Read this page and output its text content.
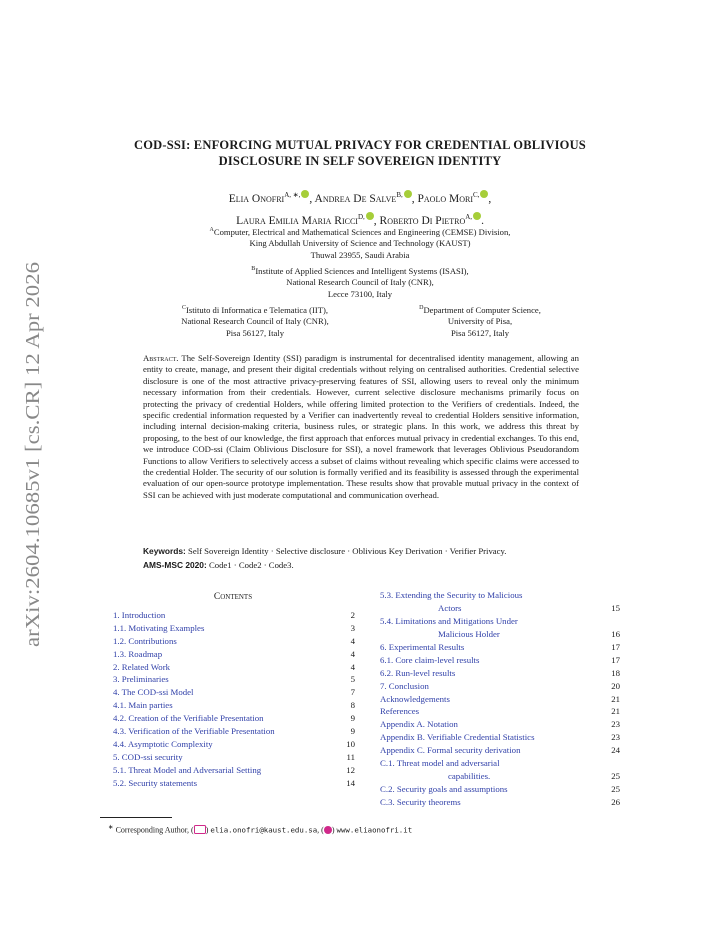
arXiv:2604.10685v1 [cs.CR] 12 Apr 2026
COD-SSI: ENFORCING MUTUAL PRIVACY FOR CREDENTIAL OBLIVIOUS
DISCLOSURE IN SELF SOVEREIGN IDENTITY
Elia Onofri$^{A, ∗,}$ , Andrea De Salve$^{B,}$ , Paolo Mori$^{C,}$ ,
Laura Emilia Maria Ricci$^{D,}$ , Roberto Di Pietro$^{A,}$ .
$^A$Computer, Electrical and Mathematical Sciences and Engineering (CEMSE) Division,
King Abdullah University of Science and Technology (KAUST)
Thuwal 23955, Saudi Arabia
$^B$Institute of Applied Sciences and Intelligent Systems (ISASI),
National Research Council of Italy (CNR),
Lecce 73100, Italy
$^C$Istituto di Informatica e Telematica (IIT),
National Research Council of Italy (CNR),
Pisa 56127, Italy
$^D$Department of Computer Science,
University of Pisa,
Pisa 56127, Italy
Abstract. The Self-Sovereign Identity (SSI) paradigm is instrumental for decentralised identity management, allowing an entity to create, manage, and present their digital credentials without relying on centralised authorities. Credential selective disclosure is one of the most attractive privacy-preserving features of SSI, allowing users to reveal only the minimum necessary information from their credentials. However, current selective disclosure mechanisms primarily focus on protecting the privacy of credential Holders, while offering limited protection to the Verifiers of credentials. Indeed, the specific credential information requested by a Verifier can inadvertently reveal to credential Holders sensitive information, including internal decision-making criteria, business rules, or strategic plans. In this work, we address this threat by proposing, to the best of our knowledge, the first approach that enforces mutual privacy in credential exchanges. To this end, we introduce COD-ssi (Claim Oblivious Disclosure for SSI), a novel framework that leverages Oblivious Pseudorandom Functions to allow Verifiers to selectively access a subset of claims without revealing which specific claims were accessed to the credential Holder. The security of our solution is formally verified and its feasibility is assessed through the experimental evaluation of our open-source prototype implementation. These results show that provable mutual privacy in the context of SSI can be achieved with just moderate computational and communication overhead.
Keywords: Self Sovereign Identity · Selective disclosure · Oblivious Key Derivation · Verifier Privacy.
AMS-MSC 2020: Code1 · Code2 · Code3.
Contents
1. Introduction	2
1.1. Motivating Examples	3
1.2. Contributions	4
1.3. Roadmap	4
2. Related Work	4
3. Preliminaries	5
4. The COD-ssi Model	7
4.1. Main parties	8
4.2. Creation of the Verifiable Presentation	9
4.3. Verification of the Verifiable Presentation	9
4.4. Asymptotic Complexity	10
5. COD-ssi security	11
5.1. Threat Model and Adversarial Setting	12
5.2. Security statements	14
5.3. Extending the Security to Malicious
Actors	15
5.4. Limitations and Mitigations Under
Malicious Holder	16
6. Experimental Results	17
6.1. Core claim-level results	17
6.2. Run-level results	18
7. Conclusion	20
Acknowledgements	21
References	21
Appendix A. Notation	23
Appendix B. Verifiable Credential Statistics	23
Appendix C. Formal security derivation	24
C.1. Threat model and adversarial
capabilities.	25
C.2. Security goals and assumptions	25
C.3. Security theorems	26
∗ Corresponding Author, ( ) elia.onofri@kaust.edu.sa, ( ) www.eliaonofri.it
